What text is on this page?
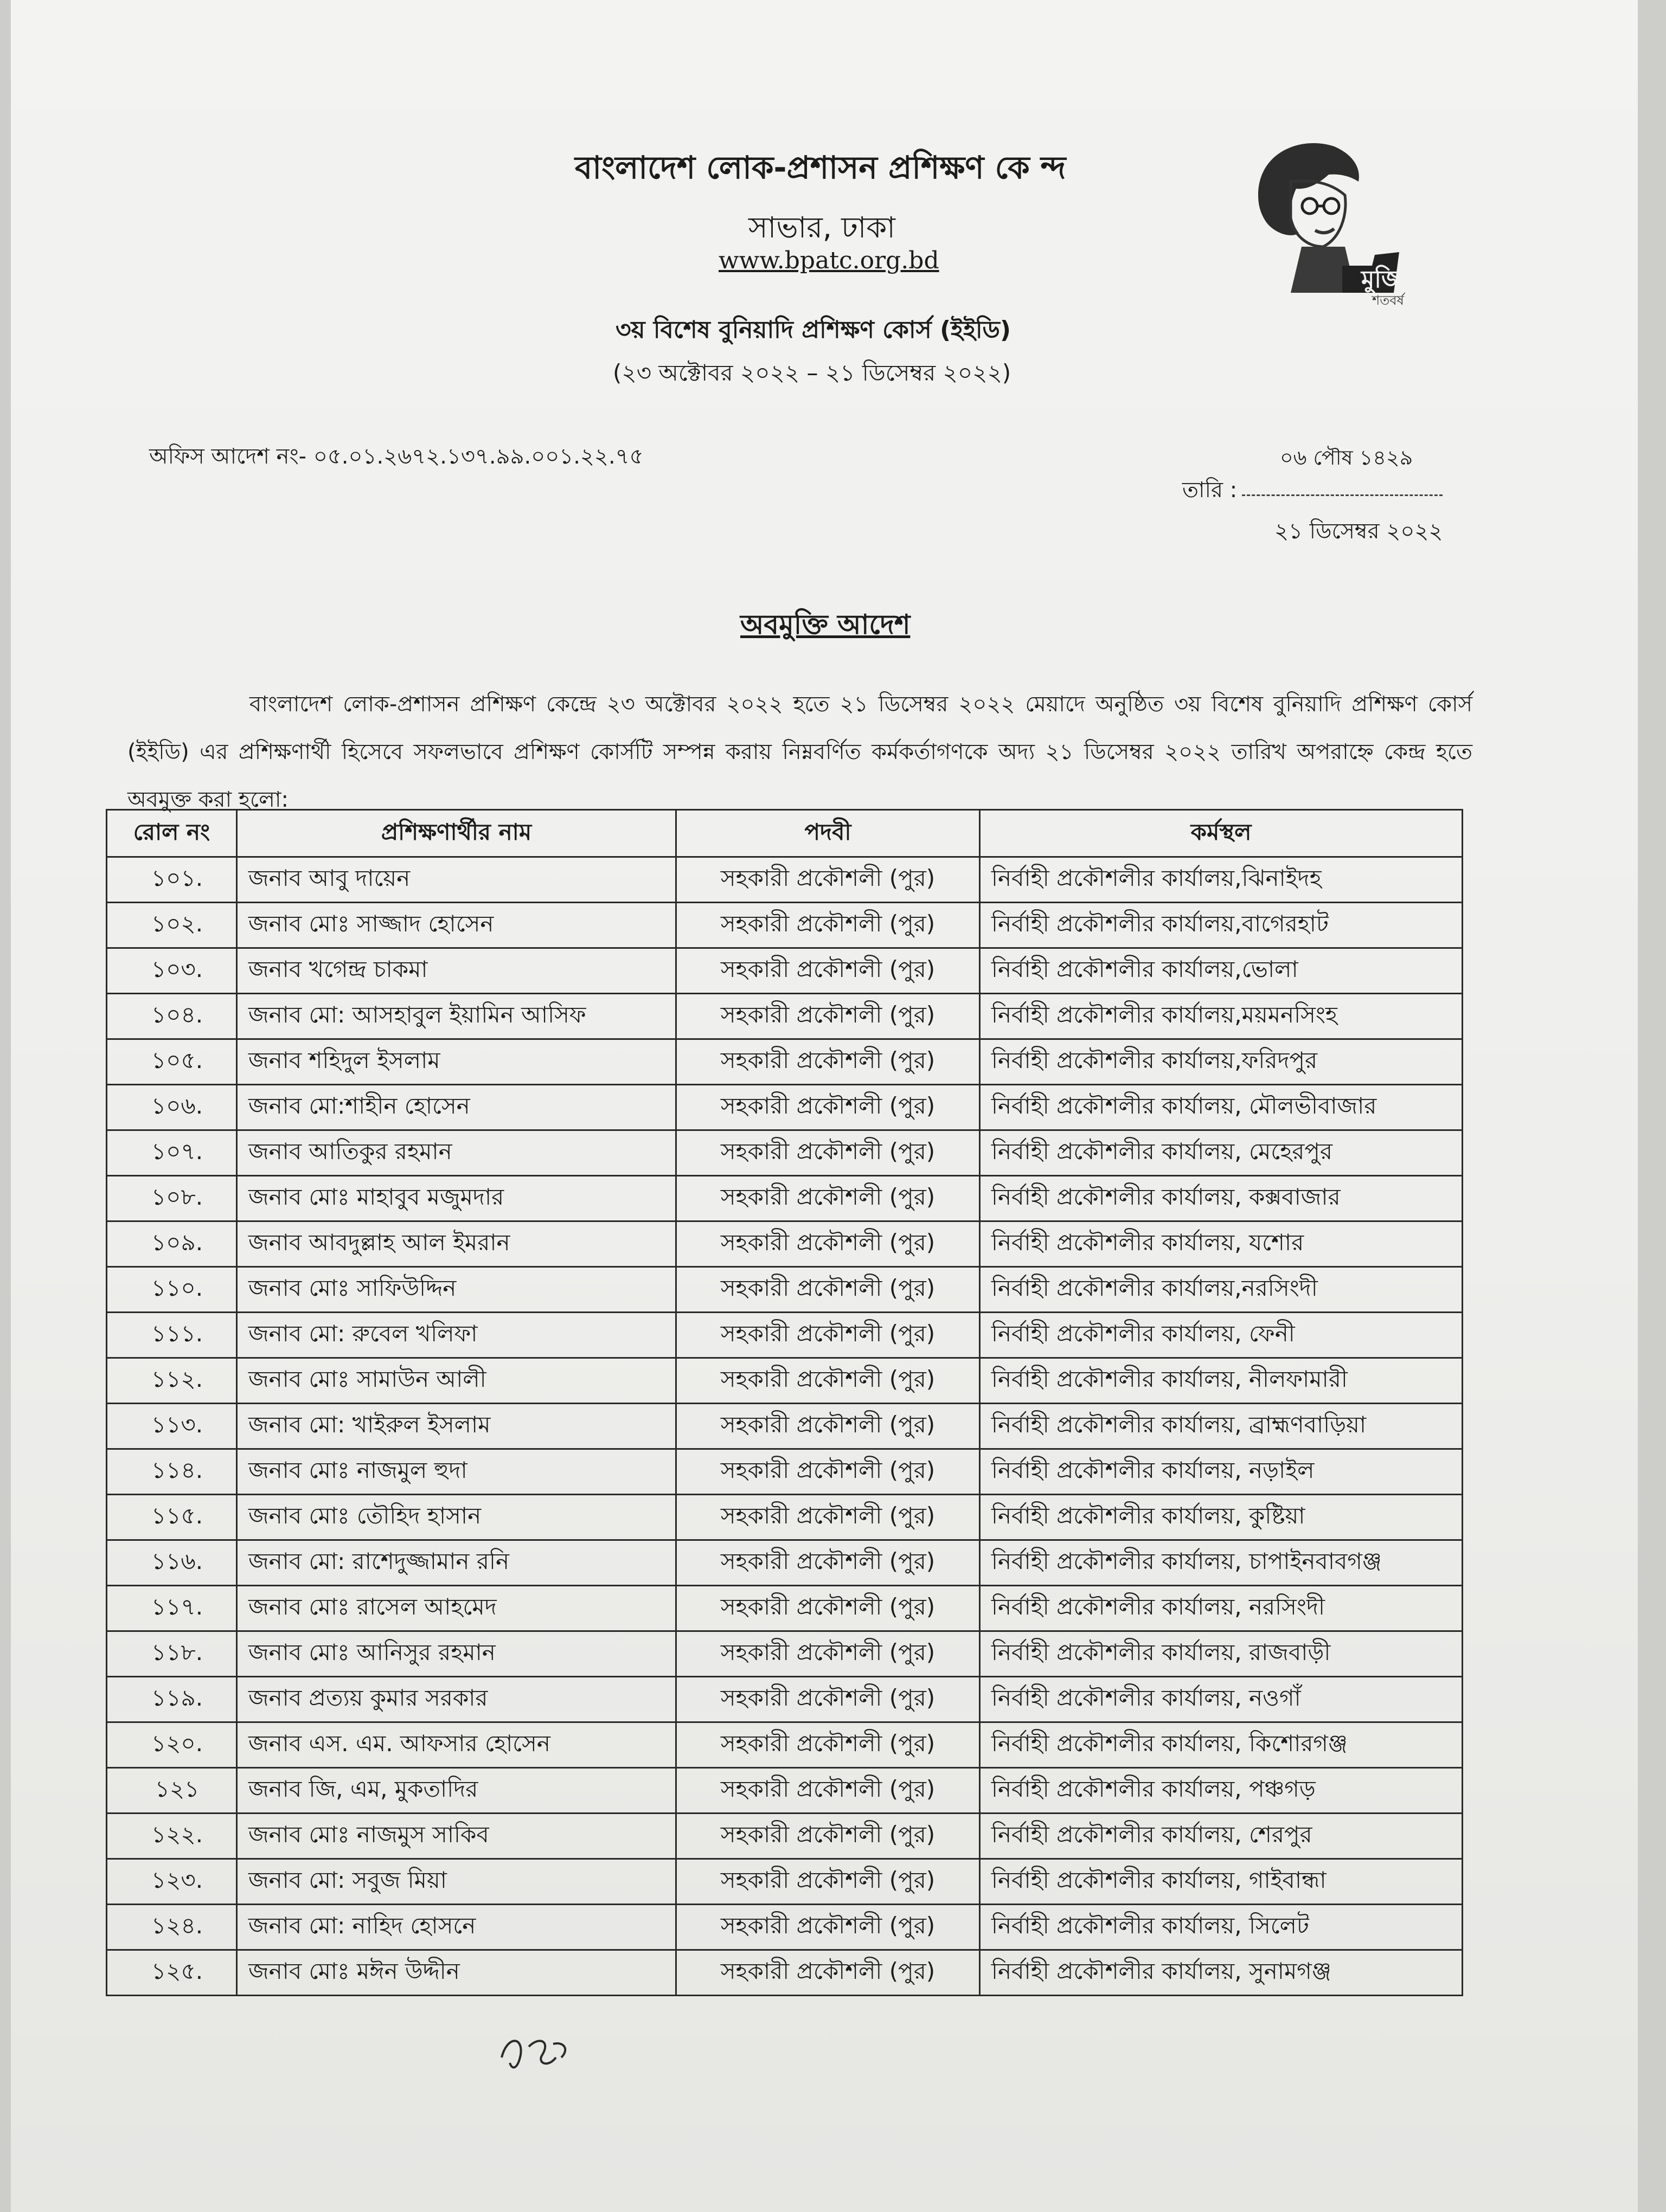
বাংলাদেশ লোক-প্রশাসন প্রশিক্ষণ কে ন্দ
সাভার, ঢাকা
www.bpatc.org.bd
৩য় বিশেষ বুনিয়াদি প্রশিক্ষণ কোর্স (ইইডি)
(২৩ অক্টোবর ২০২২ – ২১ ডিসেম্বর ২০২২)
মুজিব
শতবর্ষ
অফিস আদেশ নং- ০৫.০১.২৬৭২.১৩৭.৯৯.০০১.২২.৭৫	০৬ পৌষ ১৪২৯
তারি :
২১ ডিসেম্বর ২০২২
অবমুক্তি আদেশ
বাংলাদেশ লোক-প্রশাসন প্রশিক্ষণ কেন্দ্রে ২৩ অক্টোবর ২০২২ হতে ২১ ডিসেম্বর ২০২২ মেয়াদে অনুষ্ঠিত ৩য় বিশেষ বুনিয়াদি প্রশিক্ষণ কোর্স (ইইডি) এর প্রশিক্ষণার্থী হিসেবে সফলভাবে প্রশিক্ষণ কোর্সটি সম্পন্ন করায় নিম্নবর্ণিত কর্মকর্তাগণকে অদ্য ২১ ডিসেম্বর ২০২২ তারিখ অপরাহ্নে কেন্দ্র হতে অবমুক্ত করা হলো:
রোল নং	প্রশিক্ষণার্থীর নাম	পদবী	কর্মস্থল
১০১.	জনাব আবু দায়েন	সহকারী প্রকৌশলী (পুর)	নির্বাহী প্রকৌশলীর কার্যালয়,ঝিনাইদহ
১০২.	জনাব মোঃ সাজ্জাদ হোসেন	সহকারী প্রকৌশলী (পুর)	নির্বাহী প্রকৌশলীর কার্যালয়,বাগেরহাট
১০৩.	জনাব খগেন্দ্র চাকমা	সহকারী প্রকৌশলী (পুর)	নির্বাহী প্রকৌশলীর কার্যালয়,ভোলা
১০৪.	জনাব মো: আসহাবুল ইয়ামিন আসিফ	সহকারী প্রকৌশলী (পুর)	নির্বাহী প্রকৌশলীর কার্যালয়,ময়মনসিংহ
১০৫.	জনাব শহিদুল ইসলাম	সহকারী প্রকৌশলী (পুর)	নির্বাহী প্রকৌশলীর কার্যালয়,ফরিদপুর
১০৬.	জনাব মো:শাহীন হোসেন	সহকারী প্রকৌশলী (পুর)	নির্বাহী প্রকৌশলীর কার্যালয়, মৌলভীবাজার
১০৭.	জনাব আতিকুর রহমান	সহকারী প্রকৌশলী (পুর)	নির্বাহী প্রকৌশলীর কার্যালয়, মেহেরপুর
১০৮.	জনাব মোঃ মাহাবুব মজুমদার	সহকারী প্রকৌশলী (পুর)	নির্বাহী প্রকৌশলীর কার্যালয়, কক্সবাজার
১০৯.	জনাব আবদুল্লাহ আল ইমরান	সহকারী প্রকৌশলী (পুর)	নির্বাহী প্রকৌশলীর কার্যালয়, যশোর
১১০.	জনাব মোঃ সাফিউদ্দিন	সহকারী প্রকৌশলী (পুর)	নির্বাহী প্রকৌশলীর কার্যালয়,নরসিংদী
১১১.	জনাব মো: রুবেল খলিফা	সহকারী প্রকৌশলী (পুর)	নির্বাহী প্রকৌশলীর কার্যালয়, ফেনী
১১২.	জনাব মোঃ সামাউন আলী	সহকারী প্রকৌশলী (পুর)	নির্বাহী প্রকৌশলীর কার্যালয়, নীলফামারী
১১৩.	জনাব মো: খাইরুল ইসলাম	সহকারী প্রকৌশলী (পুর)	নির্বাহী প্রকৌশলীর কার্যালয়, ব্রাহ্মণবাড়িয়া
১১৪.	জনাব মোঃ নাজমুল হুদা	সহকারী প্রকৌশলী (পুর)	নির্বাহী প্রকৌশলীর কার্যালয়, নড়াইল
১১৫.	জনাব মোঃ তৌহিদ হাসান	সহকারী প্রকৌশলী (পুর)	নির্বাহী প্রকৌশলীর কার্যালয়, কুষ্টিয়া
১১৬.	জনাব মো: রাশেদুজ্জামান রনি	সহকারী প্রকৌশলী (পুর)	নির্বাহী প্রকৌশলীর কার্যালয়, চাপাইনবাবগঞ্জ
১১৭.	জনাব মোঃ রাসেল আহমেদ	সহকারী প্রকৌশলী (পুর)	নির্বাহী প্রকৌশলীর কার্যালয়, নরসিংদী
১১৮.	জনাব মোঃ আনিসুর রহমান	সহকারী প্রকৌশলী (পুর)	নির্বাহী প্রকৌশলীর কার্যালয়, রাজবাড়ী
১১৯.	জনাব প্রত্যয় কুমার সরকার	সহকারী প্রকৌশলী (পুর)	নির্বাহী প্রকৌশলীর কার্যালয়, নওগাঁ
১২০.	জনাব এস. এম. আফসার হোসেন	সহকারী প্রকৌশলী (পুর)	নির্বাহী প্রকৌশলীর কার্যালয়, কিশোরগঞ্জ
১২১	জনাব জি, এম, মুকতাদির	সহকারী প্রকৌশলী (পুর)	নির্বাহী প্রকৌশলীর কার্যালয়, পঞ্চগড়
১২২.	জনাব মোঃ নাজমুস সাকিব	সহকারী প্রকৌশলী (পুর)	নির্বাহী প্রকৌশলীর কার্যালয়, শেরপুর
১২৩.	জনাব মো: সবুজ মিয়া	সহকারী প্রকৌশলী (পুর)	নির্বাহী প্রকৌশলীর কার্যালয়, গাইবান্ধা
১২৪.	জনাব মো: নাহিদ হোসনে	সহকারী প্রকৌশলী (পুর)	নির্বাহী প্রকৌশলীর কার্যালয়, সিলেট
১২৫.	জনাব মোঃ মঈন উদ্দীন	সহকারী প্রকৌশলী (পুর)	নির্বাহী প্রকৌশলীর কার্যালয়, সুনামগঞ্জ
